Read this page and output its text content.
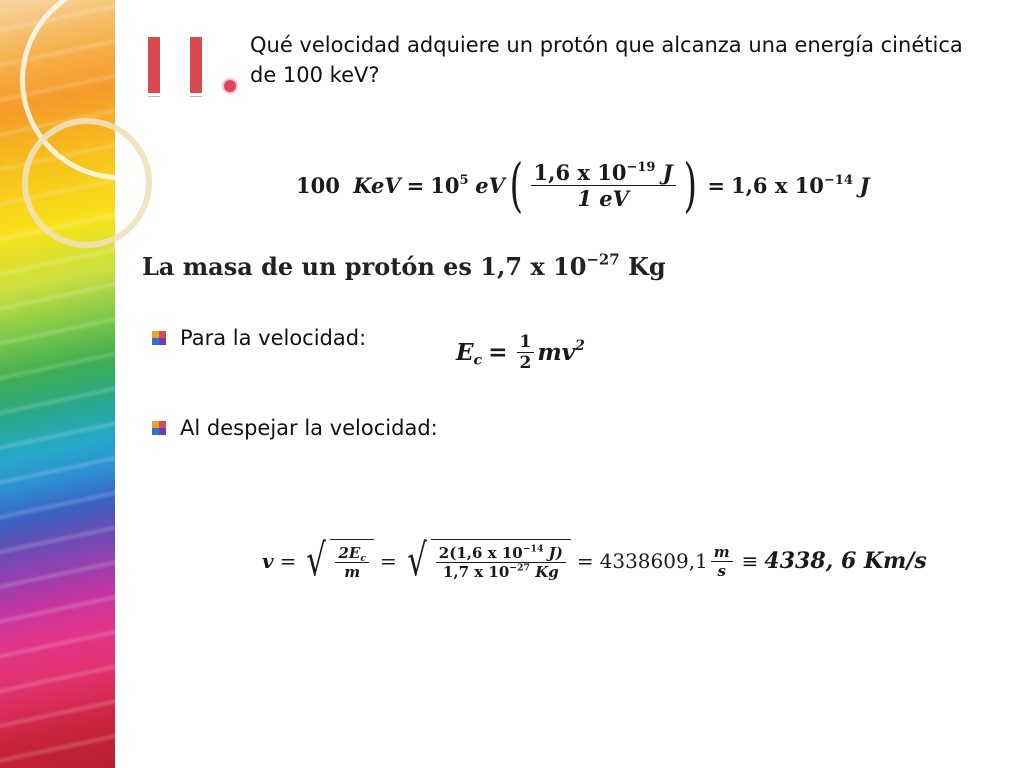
Qué velocidad adquiere un protón que alcanza una energía cinética de 100 keV?
100
KeV = $10^5$
eV ( $\frac{1,6 x 10^{-19} J}{1 eV}$ ) = 1,6 x $10^{-14}$
J
La masa de un protón es 1,7 x $10^{-27}$ Kg
Para la velocidad:
$E_c = \frac{1}{2} mv^2$
Al despejar la velocidad:
v = √ $\frac{2E_c}{m}$ = √ $\frac{2(1,6 x 10^{-14} J)}{1,7 x 10^{-27} Kg} = 4338609,1 \frac{m}{s} \equiv 4338$, 6 Km/s
